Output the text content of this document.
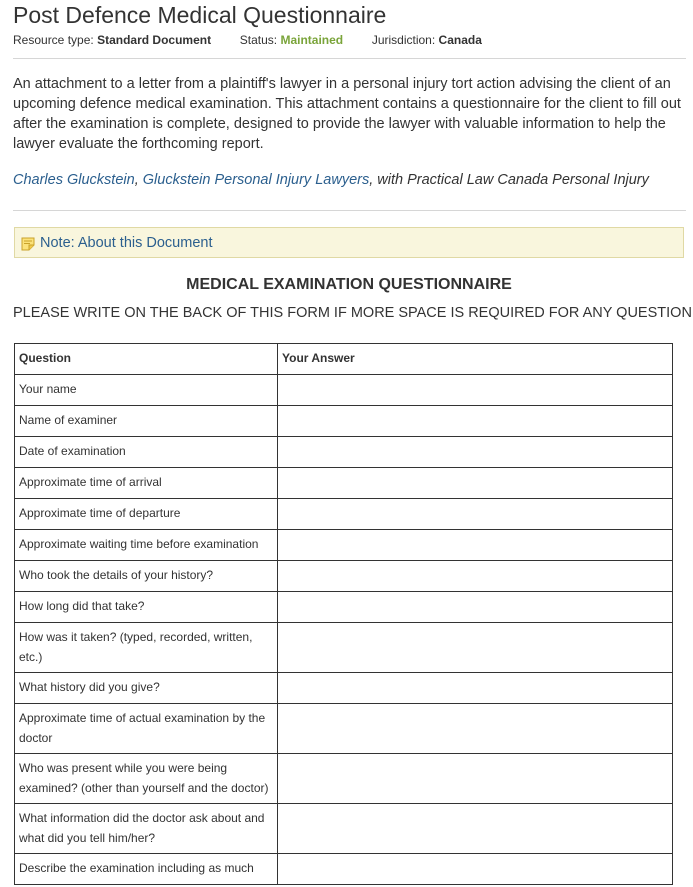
Post Defence Medical Questionnaire
Resource type: Standard Document Status: Maintained Jurisdiction: Canada
An attachment to a letter from a plaintiff's lawyer in a personal injury tort action advising the client of an upcoming defence medical examination. This attachment contains a questionnaire for the client to fill out after the examination is complete, designed to provide the lawyer with valuable information to help the lawyer evaluate the forthcoming report.
Charles Gluckstein, Gluckstein Personal Injury Lawyers, with Practical Law Canada Personal Injury
Note: About this Document
MEDICAL EXAMINATION QUESTIONNAIRE
PLEASE WRITE ON THE BACK OF THIS FORM IF MORE SPACE IS REQUIRED FOR ANY QUESTION
Question	Your Answer
Your name	
Name of examiner	
Date of examination	
Approximate time of arrival	
Approximate time of departure	
Approximate waiting time before examination	
Who took the details of your history?	
How long did that take?	
How was it taken? (typed, recorded, written, etc.)	
What history did you give?	
Approximate time of actual examination by the doctor	
Who was present while you were being examined? (other than yourself and the doctor)	
What information did the doctor ask about and what did you tell him/her?	
Describe the examination including as much	
